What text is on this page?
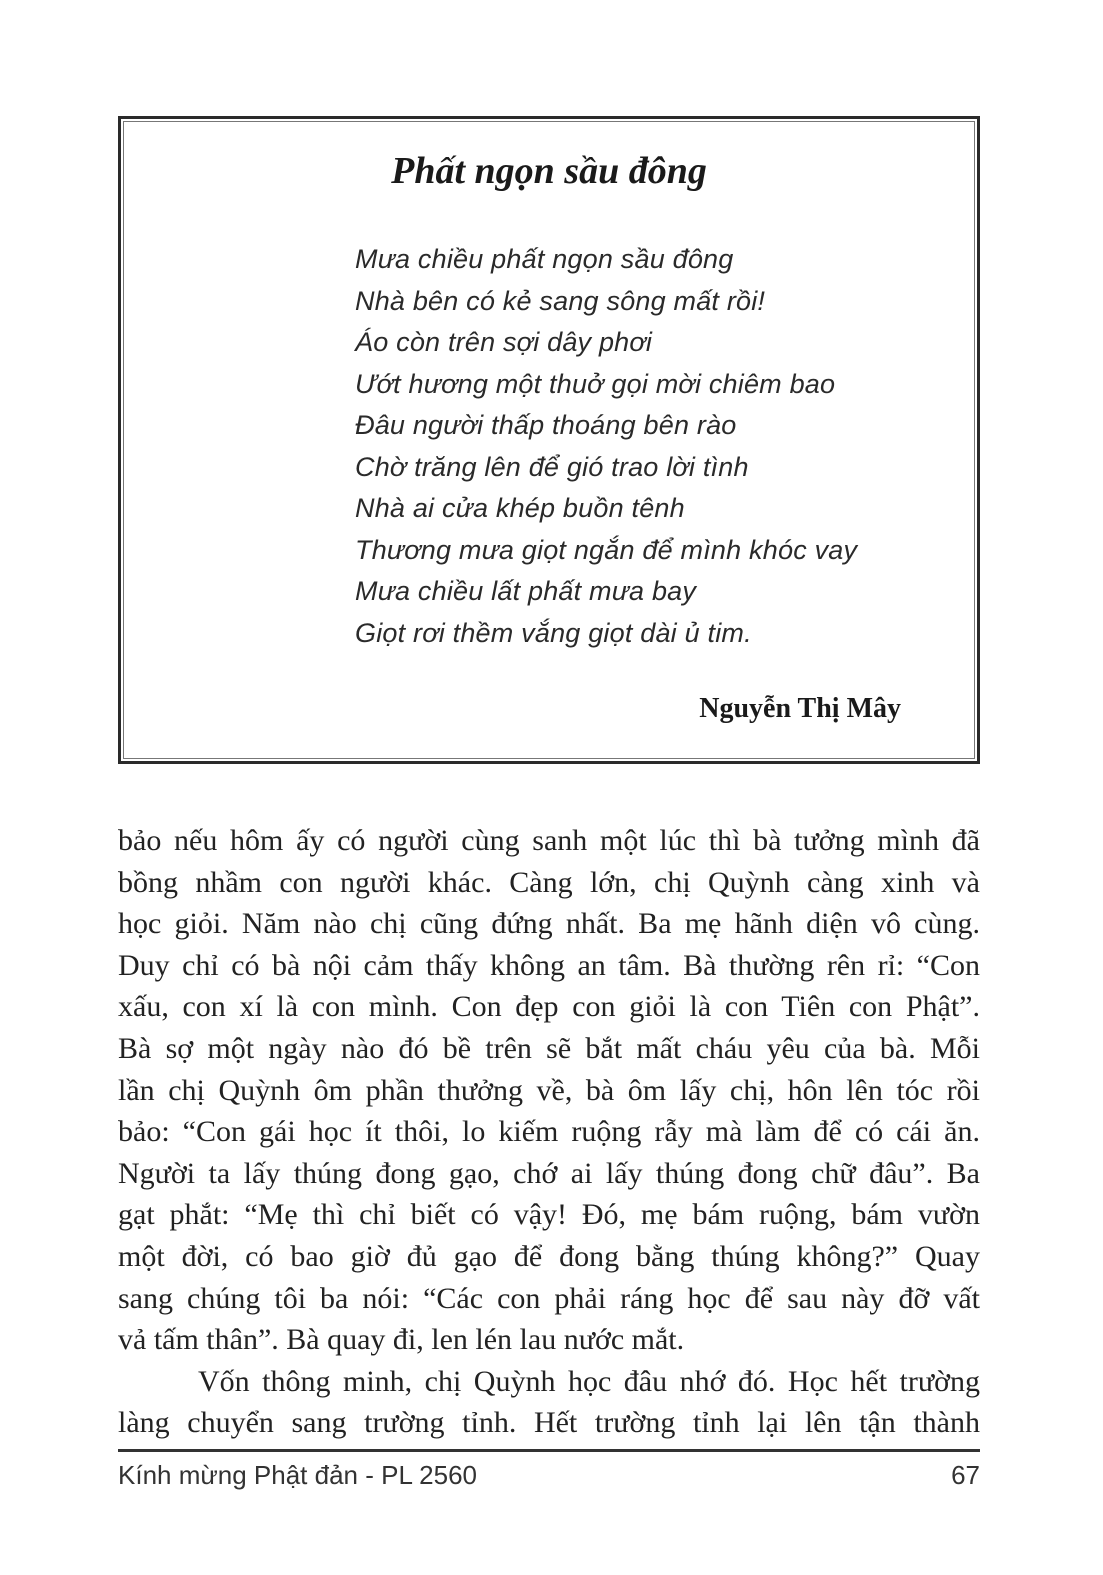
Phất ngọn sầu đông
Mưa chiều phất ngọn sầu đông
Nhà bên có kẻ sang sông mất rồi!
Áo còn trên sợi dây phơi
Ướt hương một thuở gọi mời chiêm bao
Đâu người thấp thoáng bên rào
Chờ trăng lên để gió trao lời tình
Nhà ai cửa khép buồn tênh
Thương mưa giọt ngắn để mình khóc vay
Mưa chiều lất phất mưa bay
Giọt rơi thềm vắng giọt dài ủ tim.

Nguyễn Thị Mây

bảo nếu hôm ấy có người cùng sanh một lúc thì bà tưởng mình đã

bồng nhầm con người khác. Càng lớn, chị Quỳnh càng xinh và

học giỏi. Năm nào chị cũng đứng nhất. Ba mẹ hãnh diện vô cùng.

Duy chỉ có bà nội cảm thấy không an tâm. Bà thường rên rỉ: “Con

xấu, con xí là con mình. Con đẹp con giỏi là con Tiên con Phật”.

Bà sợ một ngày nào đó bề trên sẽ bắt mất cháu yêu của bà. Mỗi

lần chị Quỳnh ôm phần thưởng về, bà ôm lấy chị, hôn lên tóc rồi

bảo: “Con gái học ít thôi, lo kiếm ruộng rẫy mà làm để có cái ăn.

Người ta lấy thúng đong gạo, chớ ai lấy thúng đong chữ đâu”. Ba

gạt phắt: “Mẹ thì chỉ biết có vậy! Đó, mẹ bám ruộng, bám vườn

một đời, có bao giờ đủ gạo để đong bằng thúng không?” Quay

sang chúng tôi ba nói: “Các con phải ráng học để sau này đỡ vất

vả tấm thân”. Bà quay đi, len lén lau nước mắt.

Vốn thông minh, chị Quỳnh học đâu nhớ đó. Học hết trường

làng chuyển sang trường tỉnh. Hết trường tỉnh lại lên tận thành

Kính mừng Phật đản - PL 2560	67
